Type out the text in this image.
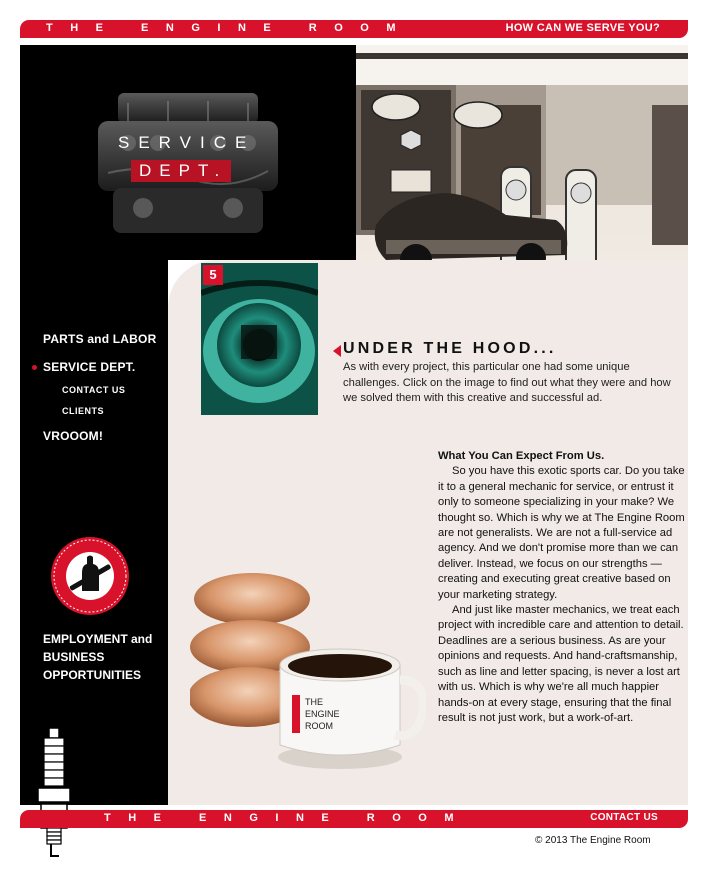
THE ENGINE ROOM	HOW CAN WE SERVE YOU?
SERVICE
DEPT.
5
UNDER THE HOOD...
As with every project, this particular one had some unique challenges. Click on the image to find out what they were and how we solved them with this creative and successful ad.
PARTS and LABOR
SERVICE DEPT.
CONTACT US
CLIENTS
VROOOM!
EMPLOYMENT and BUSINESS OPPORTUNITIES
THE
ENGINE
ROOM
What You Can Expect From Us.

So you have this exotic sports car. Do you take it to a general mechanic for service, or entrust it only to someone specializing in your make? We thought so. Which is why we at The Engine Room are not generalists. We are not a full-service ad agency. And we don't promise more than we can deliver. Instead, we focus on our strengths — creating and executing great creative based on your marketing strategy.

And just like master mechanics, we treat each project with incredible care and attention to detail. Deadlines are a serious business. As are your opinions and requests. And hand-craftsmanship, such as line and letter spacing, is never a lost art with us. Which is why we're all much happier hands-on at every stage, ensuring that the final result is not just work, but a work-of-art.

THE ENGINE ROOM	CONTACT US
© 2013 The Engine Room
